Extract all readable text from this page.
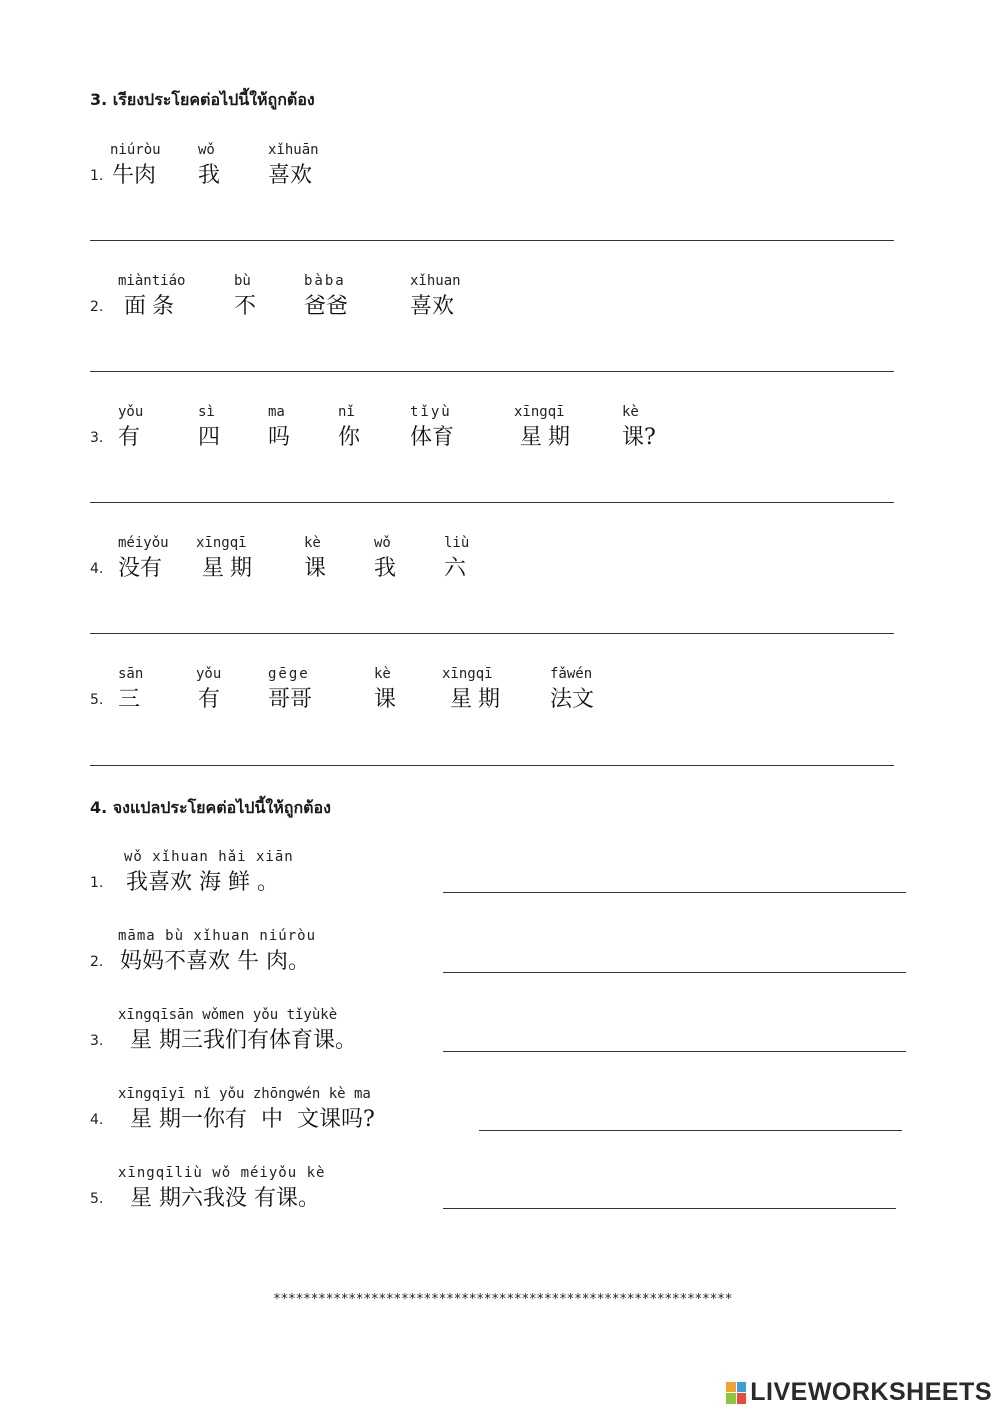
3. เรียงประโยคต่อไปนี้ให้ถูกต้อง
1.
niúròu
牛肉
wǒ
我
xǐhuān
喜欢
2.
miàntiáo
面条
bù
不
bàba
爸爸
xǐhuan
喜欢
3.
yǒu
有
sì
四
ma
吗
nǐ
你
tǐyù
体育
xīngqī
星期
kè
课?
4.
méiyǒu
没有
xīngqī
星期
kè
课
wǒ
我
liù
六
5.
sān
三
yǒu
有
gēge
哥哥
kè
课
xīngqī
星期
fǎwén
法文
4. จงแปลประโยคต่อไปนี้ให้ถูกต้อง
1.
wǒ xǐhuan hǎi xiān
我喜欢 海 鲜 。
2.
māma bù xǐhuan niúròu
妈妈不喜欢 牛 肉。
3.
xīngqīsān wǒmen yǒu tǐyùkè
星 期三我们有体育课。
4.
xīngqīyī nǐ yǒu zhōngwén kè ma
星 期一你有  中  文课吗?
5.
xīngqīliù wǒ méiyǒu kè
星 期六我没 有课。
*************************************************************
LIVEWORKSHEETS
